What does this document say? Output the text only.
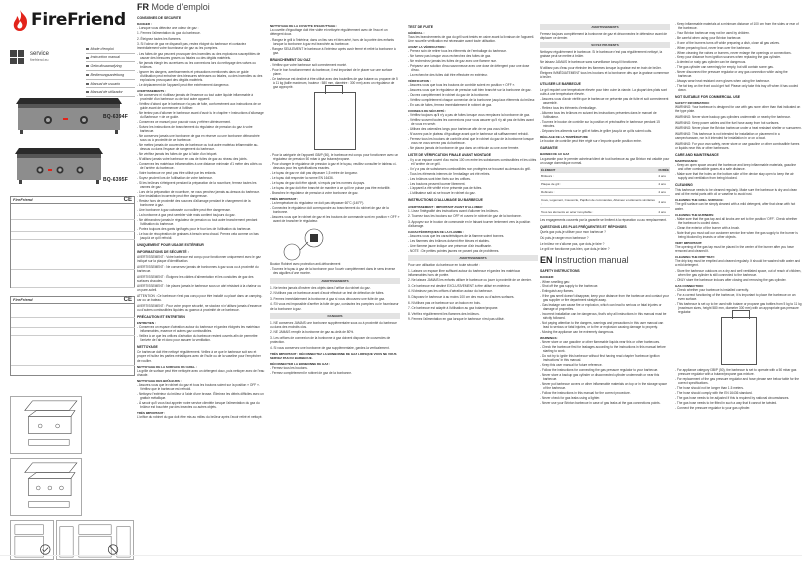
FireFriend
service
firefriend.eu
Mode d'emploi
Instruction manual
Gebruiksaanwijzing
Bedienungsanleitung
Manual de usuario
Manual de utilizador
BQ-6394F
BQ-6395F
FireFriend	CE
FireFriend	CE
FR Mode d'emploi
CONSIGNES DE SECURITE
DANGER :
- Lorsque vous détectez une odeur de gaz :
1. Fermez l'alimentation du gaz du barbecue.
2. Éteignez toutes les flammes.
3. Si l'odeur de gaz ne disparaît pas, restez éloigné du barbecue et contactez immédiatement votre fournisseur de gaz ou les pompiers.
- Les fuites de gaz peuvent provoquer des incendies ou des explosions susceptibles de causer des blessures graves ou fatales ou des dégâts matériels.
- Ne jamais élargir les ouvertures ou les connexions lors du nettoyage des valves ou brûleurs.
- Ignorer les dangers, avertissements et précautions mentionnés dans ce guide d'utilisation peut entraîner des blessures sérieuses ou fatales, ou des incendies ou des explosions provoquant des dégâts matériels.
- Le déplacement de l'appareil peut être extrêmement dangereux.
AVERTISSEMENTS :
- Ne conservez ni n'utilisez jamais de l'essence ou tout autre liquide inflammable à proximité d'un barbecue ou de tout autre appareil.
- Vérifiez d'abord que le barbecue n'a pas de fuite, conformément aux instructions de ce guide avant de commencer à l'utiliser.
- Ne tentez pas d'allumer le barbecue avant d'avoir lu le chapitre « Instructions d'allumage du Barbecue » de ce guide.
- Conservez ce manuel pour pouvoir vous y référer ultérieurement.
- Suivez les instructions de branchement du régulateur de pression du gaz à votre barbecue.
- Ne conservez jamais une bonbonne de gaz en réserve ou une bonbonne débranchée sous ou à proximité de ce barbecue.
- Ne mettez jamais de couvercles de barbecue ou tout autre matériau inflammable au-dessus ou dans l'espace de rangement du barbecue.
- Ne vérifiez jamais les fuites de gaz à l'aide d'un briquet.
- N'utilisez jamais votre barbecue en cas de fuites de gaz au niveau des joints.
- Conservez les matériaux inflammables à une distance minimale d'1 mètre des côtés ou de l'arrière du barbecue.
- Votre barbecue ne peut pas être utilisé par les enfants.
- Soyez prudent lors de l'utilisation de votre barbecue.
- Si les brûleurs s'éteignent pendant la préparation de la nourriture, fermez toutes les vannes de gaz.
- Lors de la préparation de nourriture, ne vous penchez jamais au-dessus du barbecue.
- Une installation incorrecte peut être dangereuse.
- Restez hors de proximité des sources d'allumage pendant le changement de la bonbonne à gaz.
- Une bonbonne à gaz cabossée ou rouillée peut être dangereuse.
- La bonbonne à gaz peut sembler vide mais contient toujours du gaz.
- Ne débranchez jamais le régulateur de pression ou tout autre branchement pendant l'utilisation du barbecue.
- Portez toujours des gants ignifugés pour le four lors de l'utilisation du barbecue.
- Le bac de récupération de graisses à besoin sera chaud. Prenez cela comme un bas jusqu'à ce qu'il refroidi.
UNIQUEMENT POUR USAGE EXTÉRIEUR
INFORMATIONS DE SÉCURITÉ :
AVERTISSEMENT : Votre barbecue est conçu pour fonctionner uniquement avec le gaz indiqué sur la plaque d'identification.
AVERTISSEMENT : Ne conservez jamais de bonbonnes à gaz sous ou à proximité du barbecue.
AVERTISSEMENT : Éloignez les câbles d'alimentation et les conduites de gaz des surfaces chaudes.
AVERTISSEMENT : Ne placez jamais le barbecue sous un abri résistant à la chaleur ou un pare-soleil.
ATTENTION : Ce barbecue n'est pas conçu pour être installé ou placé dans un camping-car ou un bateau.
AVERTISSEMENT : Pour votre propre sécurité, ne stockez ni n'utilisez jamais d'essence ou d'autres combustibles liquides ou gazeux à proximité de ce barbecue.
PRÉCAUTION ET ENTRETIEN
ENTRETIEN :
- Conservez un espace d'aération autour du barbecue et gardez éloignés les matériaux inflammables, essence et autres gaz combustibles.
- Veillez à ce que les orifices d'aération du barbecue restent ouverts afin de permettre l'arrivée de l'air et donc pour assurer la ventilation.
NETTOYAGE
Ce barbecue doit être nettoyé régulièrement. Veillez à ce que le barbecue soit sec et propre et huilez les parties métalliques avec de l'huile ou de la vaseline pour l'empêcher de rouiller.
NETTOYAGE DE LA SURFACE DU GRILL :
La grille de surface peut être nettoyée avec un détergent doux, puis nettoyer avec de l'eau chaude.
NETTOYAGE DES BRÛLEURS :
- Assurez-vous que le robinet du gaz et tous les boutons soient sur la position « OFF ». Vérifiez que le barbecue est refroidi.
- Nettoyez l'extérieur du brûleur à l'aide d'une brosse. Éliminez les débris difficiles avec un grattoir métallique.
- À savoir qu'il vous faut appeler notre service clientèle lorsque l'alimentation du gaz du brûleur est bouchée par des insectes ou autres objets.
TRÈS IMPORTANT :
L'orifice du robinet du gaz doit être mis au milieu du brûleur après l'avoir retiré et nettoyé.
NETTOYAGE DE LA CUVETTE D'EGOUTTAGE :
La cuvette d'égouttage doit être vidée et nettoyée régulièrement avec de l'eau et un détergent doux.
- Rangez le grill à l'intérieur, dans un lieu sec et bien aéré, hors de la portée des enfants lorsque la bonbonne à gaz est branchée au barbecue.
- Rangez SEULEMENT le barbecue à l'intérieur après avoir fermé et retiré la bonbonne à gaz.
BRANCHEMENT DU GAZ
- Vérifiez que votre barbecue soit correctement monté.
- Pour le bon fonctionnement du barbecue, il est important de le placer sur une surface plane.
- Ce barbecue est destiné à être utilisé avec des bouteilles de gaz butane ou propane de 5 à 11 kg (taille maximum, hauteur : 580 mm, diamètre : 300 mm) avec un régulateur de gaz approprié.
- Pour la catégorie de l'appareil I3B/P (50), le barbecue est conçu pour fonctionner avec un régulateur de pression 50 mbar à gaz butane/propane.
- Pour changer le régulateur de pression à gaz et le tuyau, veuillez consulter le tableau ci-dessous pour les spécifications exactes.
- Le tuyau de gaz ne doit pas dépasser 1,5 mètre de longueur.
- Le tuyau doit respecter la norme EN 16436.
- Le tuyau de gaz doit être ajusté, si requis par les normes du pays.
- Le tuyau de gaz doit être branché de manière à ce qu'il ne puisse pas être entortillé.
- Branchez le régulateur de pression à votre bonbonne de gaz.
TRÈS IMPORTANT :
- La température du régulateur ne doit pas dépasser 60°C (140°F).
- Connectez le régulateur doit correspondre au branchement du robinet de gaz de la bonbonne.
- Assurez-vous que le robinet de gaz et les boutons de commande sont en position « OFF » avant de brancher le régulateur.
Bouton Robinet avec protection anti-débordement
- Tournez le tuyau à gaz de la bonbonne pour l'ouvrir complètement dans le sens inverse des aiguilles d'une montre.
AVERTISSEMENTS
1. Ne tentez jamais d'insérer des objets dans l'orifice du robinet du gaz.
2. N'utilisez pas ce barbecue avant d'avoir effectué un test de détection de fuites.
3. Fermez immédiatement la bonbonne à gaz si vous découvrez une fuite de gaz.
4. S'il vous est impossible d'arrêter la fuite de gaz, contactez les pompiers ou le fournisseur de la bonbonne à gaz.
DANGERS
1. NE conservez JAMAIS une bonbonne supplémentaire sous ou à proximité du barbecue ou dans des endroits clos.
2. NE JAMAIS remplir la bonbonne de gaz au-delà de 80%.
3. Les orifices de connexion de la bonbonne à gaz doivent disposer de couvercles de protection.
4. Si vous conservez une bonbonne de gaz supplémentaire, gardez-la verticalement.
TRÈS IMPORTANT : DÉCONNECTEZ LA BONBONNE DE GAZ LORSQUE VOUS NE VOUS SERVEZ PAS DU BARBECUE.
DÉCONNECTER LA BONBONNE DE GAZ :
- Fermez tous les boutons.
- Fermez complètement le robinet de gaz de la bonbonne.
TEST DE FUITE
GÉNÉRAL :
Tous les branchements de gaz du grill sont testés en usine avant la livraison de l'appareil. Une nouvelle vérification est nécessaire avant toute utilisation.
AVANT LA VÉRIFICATION :
- Prenez soin de retirer tous les éléments de l'emballage du barbecue.
- Ne fumez pas lorsque vous recherchez des fuites de gaz.
- Ne recherchez jamais les fuites de gaz avec une flamme nue.
- Préparez une solution d'eau savonneuse avec une dose de détergent pour une dose d'eau.
- La recherche des fuites doit être effectuée en extérieur.
VÉRIFICATION :
- Assurez-vous que tous les boutons de contrôle soient en position « OFF ».
- Assurez-vous que le régulateur de pression soit bien branché sur la bonbonne de gaz.
- Ouvrez complètement le robinet du gaz de la bonbonne.
- Vérifiez complètement chaque connexion de la bonbonne jusqu'aux éléments du brûleur.
- En cas de fuites, fermez immédiatement le robinet de gaz.
CONSEILS DE SÉCURITÉ :
- Vérifiez toujours qu'il n'y a pas de fuites lorsque vous remplacez la bonbonne de gaz.
- Vérifiez souvent toutes les connexions pour vous assurer qu'il n'y ait pas de fuites avant de vous en servir.
- Utilisez des ustensiles longs pour barbecue afin de ne pas vous brûler.
- N'ouvrez pas le plateau d'égouttage avant que le barbecue ait suffisamment refroidi.
- Fermez tous les boutons de contrôle ainsi que le robinet du gaz de la bonbonne lorsque vous ne vous servez pas du barbecue.
- Ne placez jamais de bonbonne de gaz dans un véhicule ou une zone fermée.
LISTE DE VÉRIFICATION FINALE AVANT MONTAGE
- Il y a un espace ouvert d'au moins 100 cm entre les substances combustibles et les côtés et l'arrière de ce grill.
- Il n'y a pas de substances combustibles non protégées se trouvant au-dessus du grill.
- Tous les éléments internes de l'emballage ont été retirés.
- Les brûleurs sont bien fixés sur les orifices.
- Les boutons peuvent tourner librement.
- L'appareil a été vérifié et ne présente pas de fuites.
- L'utilisateur sait où se trouve le robinet du gaz.
INSTRUCTIONS D'ALLUMAGE DU BARBECUE
AVERTISSEMENT : IMPORTANT AVANT D'ALLUMER
1. Lisez l'intégralité des instructions avant d'allumer les brûleurs.
2. Tournez tous les boutons sur OFF et ouvrez le robinet de gaz de la bonbonne.
3. Appuyez sur le bouton de commande en le faisant tourner lentement vers la position d'allumage.
CARACTÉRISTIQUES DE LA FLAMME :
- Assurez-vous que les caractéristiques de la flamme soient bonnes.
- Les flammes des brûleurs doivent être bleues et stables.
- Une flamme jaune indique une présence d'air insuffisante.
- NOTE : De petites pointes jaunes ne posent pas de problèmes.
AVERTISSEMENTS
Pour une utilisation du barbecue en toute sécurité :
1. Laissez un espace libre suffisant autour du barbecue et gardez les matériaux inflammables hors de portée.
2. Ne laissez JAMAIS les enfants utiliser le barbecue ou jouer à proximité de ce dernier.
3. Ce barbecue est destiné EXCLUSIVEMENT à être utilisé en extérieur.
4. N'obstruez pas les orifices d'aération autour du barbecue.
5. Disposez le barbecue à au moins 100 cm des murs ou d'autres surfaces.
6. N'utilisez pas ce barbecue sur un balcon en bois.
7. Ce barbecue est adapté à l'utilisation au gaz butane/propane.
8. Vérifiez régulièrement les flammes des brûleurs.
9. Fermez l'alimentation en gaz lorsque le barbecue n'est pas utilisé.
AVERTISSEMENTS
Fermez toujours complètement la bonbonne de gaz et déconnectez le détendeur avant de déplacer ce dernier.
SOYEZ PRUDENTS
Nettoyez régulièrement le barbecue. Si le barbecue n'est pas régulièrement nettoyé, la graisse peut se mettre à brûler.
Ne laissez JAMAIS le barbecue sans surveillance lorsqu'il fonctionne.
N'utilisez pas d'eau pour éteindre les flammes lorsque la graisse est en train de brûler.
Éteignez IMMÉDIATEMENT tous les boutons et la bonbonne dès que la graisse commence à brûler.
UTILISER LE BARBECUE
Le gril requiert une température élevée pour bien cuire la viande. La plupart des plats sont cuits à une température élevée.
- Assurez-vous d'avoir vérifié que le barbecue ne présente pas de fuite et soit correctement assemblé.
- Retirez tous les éléments d'emballage.
- Allumez tous les brûleurs en suivant les instructions présentes dans le manuel de l'utilisateur.
- Tournez le bouton de contrôle sur la position et préchauffez le barbecue pendant 15 minutes.
- Déposez les aliments sur le grill et faites-le griller jusqu'à ce qu'ils soient cuits.
RÉGLAGE DE LA TEMPÉRATURE
Le bouton de contrôle peut être réglé sur n'importe quelle position entre.
GARANTIE
BARBECUE AU GAZ
La garantie pour le premier acheteur/client de tout barbecue au gaz Brixton est valable pour un usage domestique normal.
ÉLÉMENT	DURÉE
Brûleurs :	2 ans
Plaque de gril :	2 ans
Robinets :	2 ans
Cuve, Logement, Couvercle, Papillon de commandes, Allumeur et éléments similaires :	2 ans
Tous les éléments en acier inoxydable :	2 ans
Les engagements couverts par la garantie se limitent à la réparation ou au remplacement.
QUESTIONS LES PLUS FRÉQUENTES ET RÉPONSES
Quels gaz puis-je utiliser pour mon barbecue ?
Où puis-je ranger mon barbecue ?
Le brûleur ne s'allume pas, que dois-je faire ?
Le grill ne fonctionne pas bien, que dois-je faire ?
EN Instruction manual
SAFETY INSTRUCTIONS
DANGER:
- When smelling gas:
- Shut off the gas supply to the barbecue.
- Extinguish any flames.
- If the gas smell doesn't disappear, keep your distance from the barbecue and contact your gas supplier or fire department straight away.
- Gas leakage can cause fire or explosion, which can lead to serious or fatal injuries or damage of properties.
- Incorrect installation can be dangerous, that's why all instructions in this manual must be strictly followed.
- Not paying attention to the dangers, warnings and precautions in this user manual can lead to serious or fatal injuries, or to fire or explosion causing damage to property.
- Moving the appliance can be extremely dangerous.
WARNINGS:
- Never store or use gasoline or other flammable liquids near this or other barbecues.
- Check the barbecue first for leakages according to the instructions in this manual before starting to work.
- Do not try to ignite this barbecue without first having read chapter 'barbecue ignition instructions' in this manual.
- Keep this user manual for future reference.
- Follow the instructions for connecting the gas pressure regulator to your barbecue.
- Never store a backup gas cylinder or disconnected cylinder underneath or near this barbecue.
- Never put barbecue covers or other inflammable materials on top or in the storage space of the barbecue.
- Follow the instructions in this manual for the correct procedure.
- Never check for gas leaks using a lighter.
- Never use your Brixton barbecue in case of gas leaks at the gas connections points.
- Keep inflammable materials at a minimum distance of 100 cm from the sides or rear of the barbecue.
- Your Brixton barbecue may not be used by children.
- Be careful when using your Brixton barbecue.
- If one of the burners turns off while preparing a dish, close all gas valves.
- When preparing food, never lean over the barbecue.
- When cleaning the valves or burners, never enlarge the openings or connections.
- Keep your distance from ignition sources when replacing the gas cylinder.
- A dented or rusty gas cylinder can be dangerous.
- The gas cylinder can seemingly be empty, but still contain some gas.
- Never disconnect the pressure regulator or any gas connection while using the barbecue.
- Always wear heat resistant oven gloves when using the barbecue.
- The fat tray on the front could get hot! Please only take this tray off when it has cooled down.
NOT SUITABLE FOR COMMERCIAL USE
SAFETY INFORMATION:
WARNING: Your barbecue is designed for use with gas none other than that indicated on the type plate.
WARNING: Never store backup gas cylinders underneath or nearby the barbecue.
WARNING: Keep power cables and the fuel hose away from hot surfaces.
WARNING: Never place the Brixton barbecue under a heat resistant shelter or sunscreen.
WARNING: This barbecue is not intended for installation or placement in a camper/caravan, nor is it intended for installation in or on a boat.
WARNING: For your own safety, never store or use gasoline or other combustible fumes or liquids near this or other barbecues.
CARE AND MAINTENANCE
MAINTENANCE:
- Keep an open space around the barbecue and keep inflammable materials, gasoline and other combustible gases at a safe distance.
- Make sure that the holes on the bottom side of the device stay open to keep the air supply and ventilation from being blocked.
CLEANING
This barbecue needs to be cleaned regularly. Make sure the barbecue is dry and clean and oil the metal parts with oil or vaseline to avoid rust.
CLEANING THE GRILL SURFACE:
The grill surface can be simply cleaned with a mild detergent, after that clean with hot water.
CLEANING THE BURNERS:
- Make sure that the gas tap and all knobs are set to the position 'OFF'. Check whether the barbecue is cooled down.
- Clean the exterior of the burner with a brush.
- Note that you must call our customer service line when the gas supply to the burner is being blocked by insects or other objects.
VERY IMPORTANT:
The opening of the gas tap must be placed in the center of the burner after you have removed and cleaned it.
CLEANING THE DRIP TRAY:
The drip tray must be emptied and cleaned regularly. It should be washed with water and a mild detergent.
- Store the barbecue outdoors on a dry and well ventilated space, out of reach of children, when the gas cylinder is still connected to the barbecue.
- ONLY store the barbecue indoors after closing and removing the gas cylinder.
GAS CONNECTION:
- Check whether your barbecue is installed correctly.
- For a correct functioning of the barbecue, it is important to place the barbecue on an even surface.
- This barbecue is set up to be used with butane or propane gas bottles from 5 kg to 11 kg (maximum sizes, height 580 mm, diameter 300 mm) with an appropriate gas pressure regulator.
- For appliance category I3B/P (50), the barbecue is set to operate with a 50 mbar gas pressure regulator with a butane/propane gas mixture.
- For replacement of the gas pressure regulator and hose please see below table for the correct specifications.
- The hose should not be longer than 1.5 meters.
- The hose should comply with the EN 16436 standard.
- The gas hose needs to be adjusted if this is required by national circumstances.
- The gas hose needs to be fitted in such a way that it cannot be twisted.
- Connect the pressure regulator to your gas cylinder.
